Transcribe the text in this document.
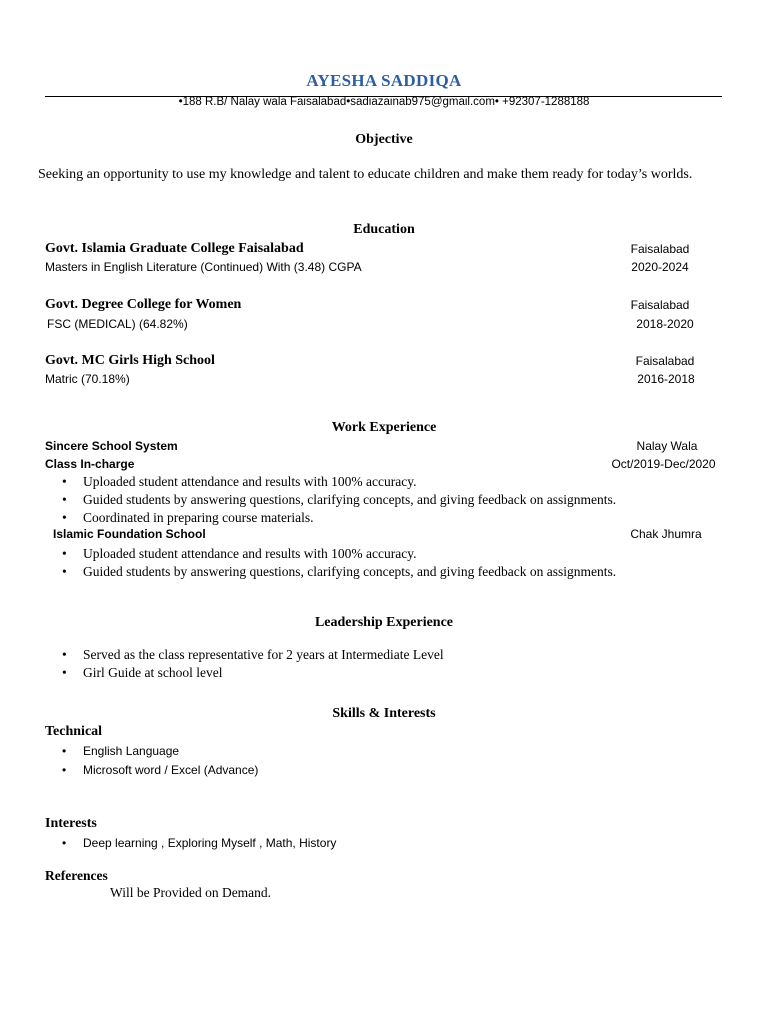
AYESHA SADDIQA
•188 R.B/ Nalay wala Faisalabad•sadiazainab975@gmail.com• +92307-1288188
Objective
Seeking an opportunity to use my knowledge and talent to educate children and make them ready for today’s worlds.
Education
Govt. Islamia Graduate College Faisalabad
Masters in English Literature (Continued) With (3.48) CGPA
Faisalabad
2020-2024
Govt. Degree College for Women
FSC (MEDICAL) (64.82%)
Faisalabad
2018-2020
Govt. MC Girls High School
Matric (70.18%)
Faisalabad
2016-2018
Work Experience
Sincere School System
Class In-charge
Nalay Wala
Oct/2019-Dec/2020
• Uploaded student attendance and results with 100% accuracy.
• Guided students by answering questions, clarifying concepts, and giving feedback on assignments.
• Coordinated in preparing course materials.
Islamic Foundation School	Chak Jhumra
• Uploaded student attendance and results with 100% accuracy.
• Guided students by answering questions, clarifying concepts, and giving feedback on assignments.
Leadership Experience
• Served as the class representative for 2 years at Intermediate Level
• Girl Guide at school level
Skills & Interests
Technical
• English Language
• Microsoft word / Excel (Advance)
Interests
• Deep learning , Exploring Myself , Math, History
References
Will be Provided on Demand.
